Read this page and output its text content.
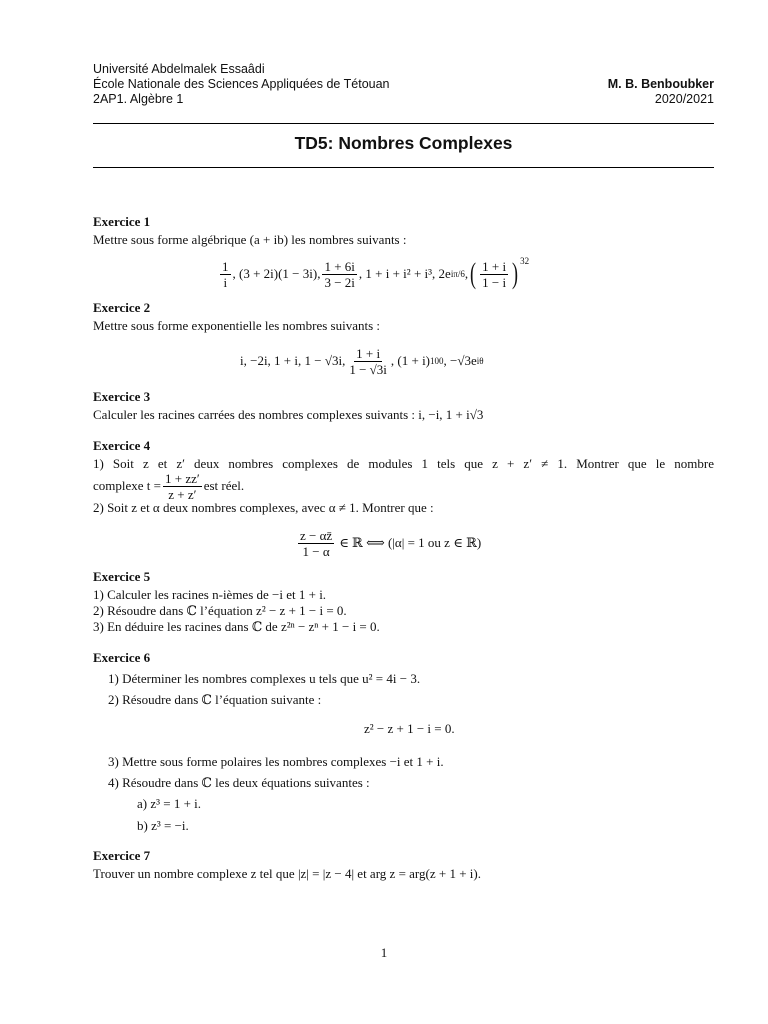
Université Abdelmalek Essaâdi
École Nationale des Sciences Appliquées de Tétouan
2AP1. Algèbre 1
M. B. Benboubker
2020/2021
TD5: Nombres Complexes
Exercice 1
Mettre sous forme algébrique (a + ib) les nombres suivants :
$\frac{1}{i}$ , (3 + 2i)(1 − 3i), $\frac{1 + 6i}{3 - 2i}$ , 1 + i + i² + i³, 2e iπ/6 , ( $\frac{1 + i}{1 - i}$ ) 32
Exercice 2
Mettre sous forme exponentielle les nombres suivants :
i, −2i, 1 + i, 1 − √3i, $\frac{1 + i}{1 - √3i}$ , (1 + i) 100 , −√3e iθ
Exercice 3
Calculer les racines carrées des nombres complexes suivants : i, −i, 1 + i√3
Exercice 4
1) Soit z et z′ deux nombres complexes de modules 1 tels que z + z′ ≠ 1. Montrer que le nombre
complexe $t = \frac{1 + zz'}{z + z'}$ est réel.
2) Soit z et α deux nombres complexes, avec α ≠ 1. Montrer que :
$\frac{z - \alpha z̄}{1 - \alpha}$ ∈ ℝ ⟺ (|α| = 1 ou z ∈ ℝ)
Exercice 5
1) Calculer les racines n-ièmes de −i et 1 + i.
2) Résoudre dans ℂ l’équation z² − z + 1 − i = 0.
3) En déduire les racines dans ℂ de z²ⁿ − zⁿ + 1 − i = 0.
Exercice 6
1) Déterminer les nombres complexes u tels que u² = 4i − 3.
2) Résoudre dans ℂ l’équation suivante :
z² − z + 1 − i = 0.
3) Mettre sous forme polaires les nombres complexes −i et 1 + i.
4) Résoudre dans ℂ les deux équations suivantes :
a) z³ = 1 + i.
b) z³ = −i.
Exercice 7
Trouver un nombre complexe z tel que |z| = |z − 4| et arg z = arg(z + 1 + i).
1
